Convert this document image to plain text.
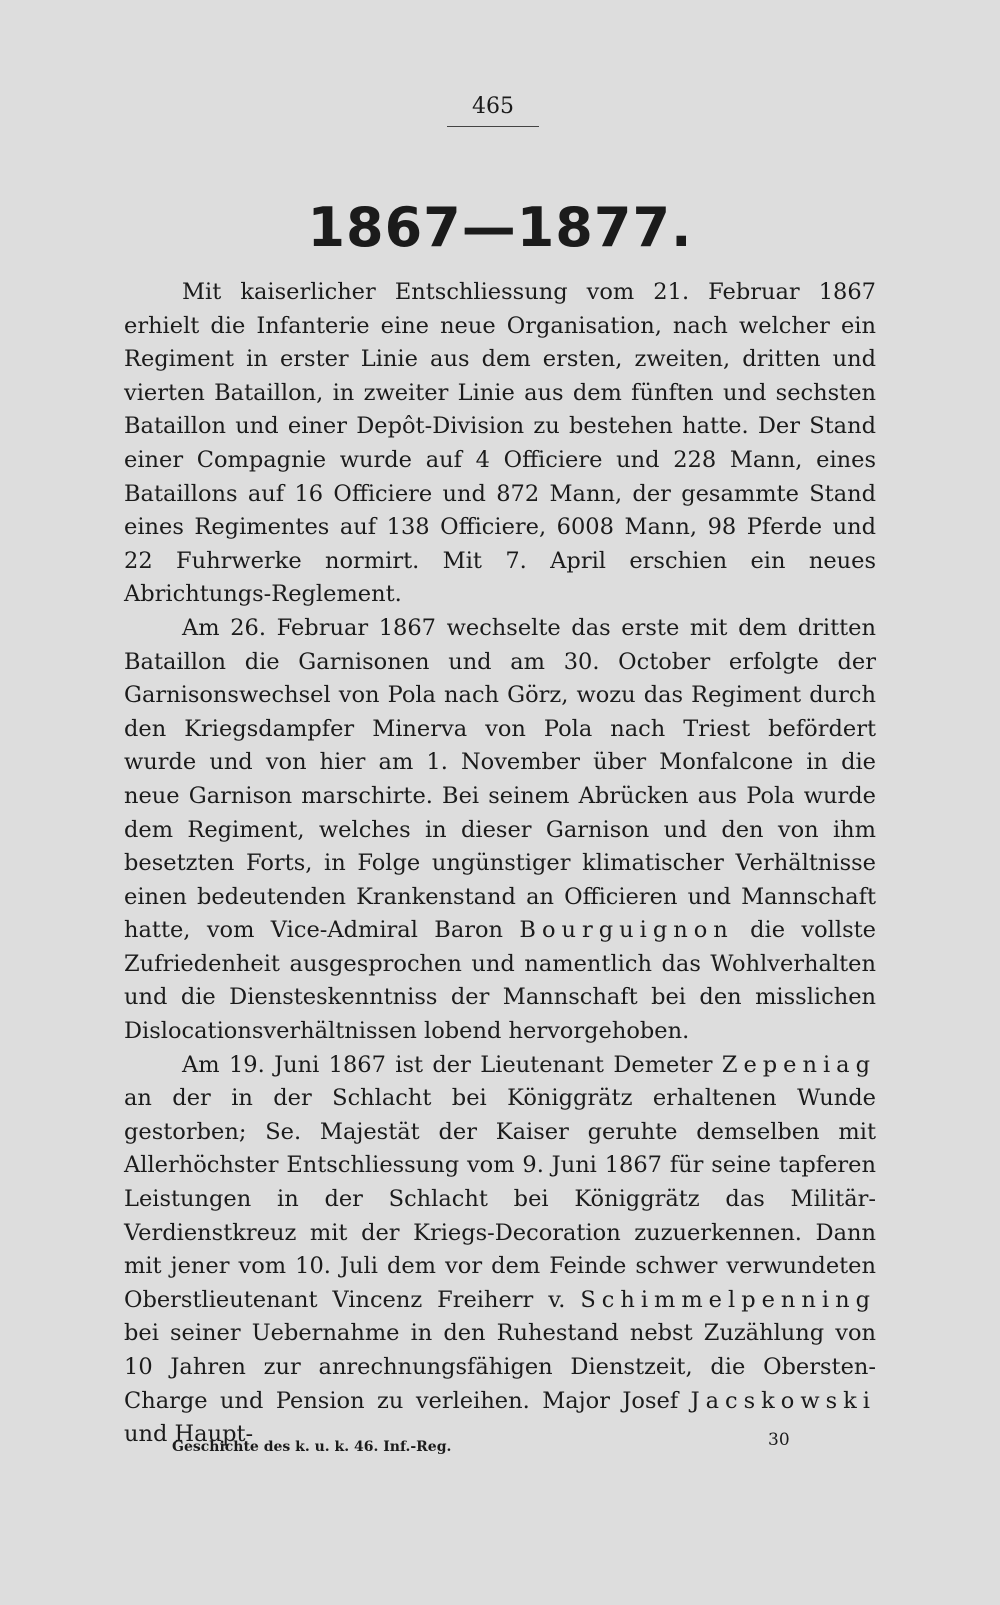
465
1867—1877.

Mit kaiserlicher Entschliessung vom 21. Februar 1867 erhielt die Infanterie eine neue Organisation, nach welcher ein Regiment in erster Linie aus dem ersten, zweiten, dritten und vierten Bataillon, in zweiter Linie aus dem fünften und sechsten Bataillon und einer Depôt-Division zu bestehen hatte. Der Stand einer Compagnie wurde auf 4 Officiere und 228 Mann, eines Bataillons auf 16 Officiere und 872 Mann, der gesammte Stand eines Regimentes auf 138 Officiere, 6008 Mann, 98 Pferde und 22 Fuhrwerke normirt. Mit 7. April erschien ein neues Abrichtungs-Reglement.

Am 26. Februar 1867 wechselte das erste mit dem dritten Bataillon die Garnisonen und am 30. October erfolgte der Garnisonswechsel von Pola nach Görz, wozu das Regiment durch den Kriegsdampfer Minerva von Pola nach Triest befördert wurde und von hier am 1. November über Monfalcone in die neue Garnison marschirte. Bei seinem Abrücken aus Pola wurde dem Regiment, welches in dieser Garnison und den von ihm besetzten Forts, in Folge ungünstiger klimatischer Verhältnisse einen bedeutenden Krankenstand an Officieren und Mannschaft hatte, vom Vice-Admiral Baron Bourguignon die vollste Zufriedenheit ausgesprochen und namentlich das Wohlverhalten und die Diensteskenntniss der Mannschaft bei den misslichen Dislocationsverhältnissen lobend hervorgehoben.

Am 19. Juni 1867 ist der Lieutenant Demeter Zepeniag an der in der Schlacht bei Königgrätz erhaltenen Wunde gestorben; Se. Majestät der Kaiser geruhte demselben mit Allerhöchster Entschliessung vom 9. Juni 1867 für seine tapferen Leistungen in der Schlacht bei Königgrätz das Militär-Verdienstkreuz mit der Kriegs-Decoration zuzuerkennen. Dann mit jener vom 10. Juli dem vor dem Feinde schwer verwundeten Oberstlieutenant Vincenz Freiherr v. Schimmelpenning bei seiner Uebernahme in den Ruhestand nebst Zuzählung von 10 Jahren zur anrechnungsfähigen Dienstzeit, die Obersten-Charge und Pension zu verleihen. Major Josef Jacskowski und Haupt-

Geschichte des k. u. k. 46. Inf.-Reg.	30
